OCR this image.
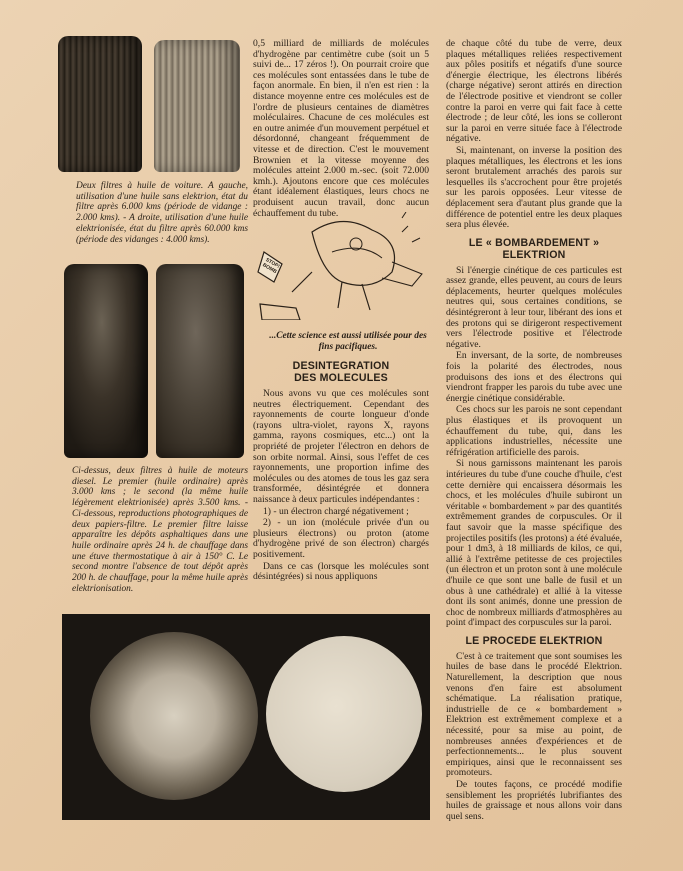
Deux filtres à huile de voiture. A gauche, utilisation d'une huile sans elektrion, état du filtre après 6.000 kms (période de vidange : 2.000 kms). - A droite, utilisation d'une huile elektrionisée, état du filtre après 60.000 kms (période des vidanges : 4.000 kms).

Ci-dessus, deux filtres à huile de moteurs diesel. Le premier (huile ordinaire) après 3.000 kms ; le second (la même huile légèrement elektrionisée) après 3.500 kms. - Ci-dessous, reproductions photographiques de deux papiers-filtre. Le premier filtre laisse apparaître les dépôts asphaltiques dans une huile ordinaire après 24 h. de chauffage dans une étuve thermostatique à air à 150° C. Le second montre l'absence de tout dépôt après 200 h. de chauffage, pour la même huile après elektrionisation.

0,5 milliard de milliards de molécules d'hydrogène par centimètre cube (soit un 5 suivi de... 17 zéros !). On pourrait croire que ces molécules sont entassées dans le tube de façon anormale. En bien, il n'en est rien : la distance moyenne entre ces molécules est de l'ordre de plusieurs centaines de diamètres moléculaires. Chacune de ces molécules est en outre animée d'un mouvement perpétuel et désordonné, changeant fréquemment de vitesse et de direction. C'est le mouvement Brownien et la vitesse moyenne des molécules atteint 2.000 m.-sec. (soit 72.000 kmh.). Ajoutons encore que ces molécules étant idéalement élastiques, leurs chocs ne produisent aucun travail, donc aucun échauffement du tube.

STOP! BOMB

...Cette science est aussi utilisée pour des fins pacifiques.

DESINTEGRATION
DES MOLECULES

Nous avons vu que ces molécules sont neutres électriquement. Cependant des rayonnements de courte longueur d'onde (rayons ultra-violet, rayons X, rayons gamma, rayons cosmiques, etc...) ont la propriété de projeter l'électron en dehors de son orbite normal. Ainsi, sous l'effet de ces rayonnements, une proportion infime des molécules ou des atomes de tous les gaz sera transformée, désintégrée et donnera naissance à deux particules indépendantes :

1) - un électron chargé négativement ;

2) - un ion (molécule privée d'un ou plusieurs électrons) ou proton (atome d'hydrogène privé de son électron) chargés positivement.

Dans ce cas (lorsque les molécules sont désintégrées) si nous appliquons

de chaque côté du tube de verre, deux plaques métalliques reliées respectivement aux pôles positifs et négatifs d'une source d'énergie électrique, les électrons libérés (charge négative) seront attirés en direction de l'électrode positive et viendront se coller contre la paroi en verre qui fait face à cette électrode ; de leur côté, les ions se colleront sur la paroi en verre située face à l'électrode négative.

Si, maintenant, on inverse la position des plaques métalliques, les électrons et les ions seront brutalement arrachés des parois sur lesquelles ils s'accrochent pour être projetés sur les parois opposées. Leur vitesse de déplacement sera d'autant plus grande que la différence de potentiel entre les deux plaques sera plus élevée.

LE « BOMBARDEMENT »
ELEKTRION

Si l'énergie cinétique de ces particules est assez grande, elles peuvent, au cours de leurs déplacements, heurter quelques molécules neutres qui, sous certaines conditions, se désintégreront à leur tour, libérant des ions et des protons qui se dirigeront respectivement vers l'électrode positive et l'électrode négative.

En inversant, de la sorte, de nombreuses fois la polarité des électrodes, nous produisons des ions et des électrons qui viendront frapper les parois du tube avec une énergie cinétique considérable.

Ces chocs sur les parois ne sont cependant plus élastiques et ils provoquent un échauffement du tube, qui, dans les applications industrielles, nécessite une réfrigération artificielle des parois.

Si nous garnissons maintenant les parois intérieures du tube d'une couche d'huile, c'est cette dernière qui encaissera désormais les chocs, et les molécules d'huile subiront un véritable « bombardement » par des quantités extrêmement grandes de corpuscules. Or il faut savoir que la masse spécifique des projectiles positifs (les protons) a été évaluée, pour 1 dm3, à 18 milliards de kilos, ce qui, allié à l'extrême petitesse de ces projectiles (un électron et un proton sont à une molécule d'huile ce que sont une balle de fusil et un obus à une cathédrale) et allié à la vitesse dont ils sont animés, donne une pression de choc de nombreux milliards d'atmosphères au point d'impact des corpuscules sur la paroi.

LE PROCEDE ELEKTRION

C'est à ce traitement que sont soumises les huiles de base dans le procédé Elektrion. Naturellement, la description que nous venons d'en faire est absolument schématique. La réalisation pratique, industrielle de ce « bombardement » Elektrion est extrêmement complexe et a nécessité, pour sa mise au point, de nombreuses années d'expériences et de perfectionnements... le plus souvent empiriques, ainsi que le reconnaissent ses promoteurs.

De toutes façons, ce procédé modifie sensiblement les propriétés lubrifiantes des huiles de graissage et nous allons voir dans quel sens.
